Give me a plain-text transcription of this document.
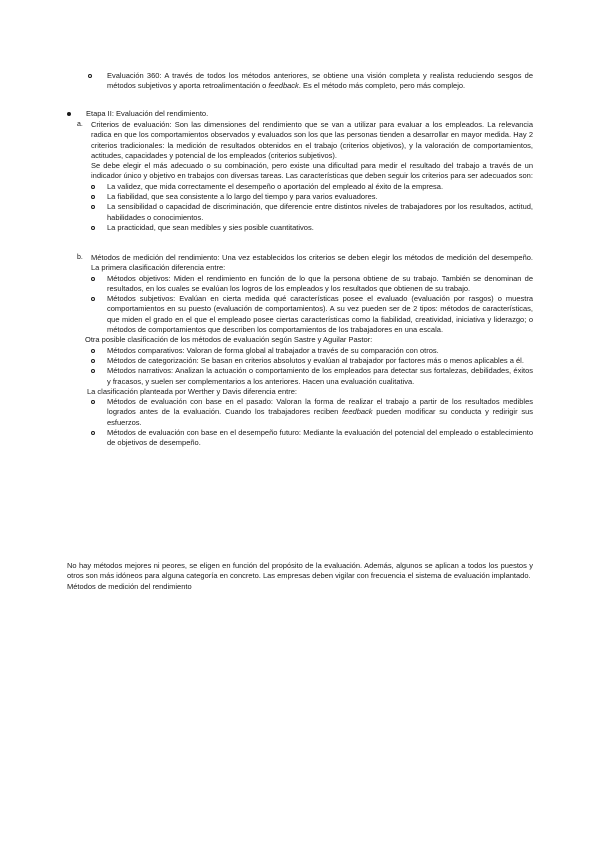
Evaluación 360: A través de todos los métodos anteriores, se obtiene una visión completa y realista reduciendo sesgos de métodos subjetivos y aporta retroalimentación o feedback. Es el método más completo, pero más complejo.

Etapa II: Evaluación del rendimiento.

a. Criterios de evaluación: Son las dimensiones del rendimiento que se van a utilizar para evaluar a los empleados. La relevancia radica en que los comportamientos observados y evaluados son los que las personas tienden a desarrollar en mayor medida. Hay 2 criterios tradicionales: la medición de resultados obtenidos en el trabajo (criterios objetivos), y la valoración de comportamientos, actitudes, capacidades y potencial de los empleados (criterios subjetivos).

Se debe elegir el más adecuado o su combinación, pero existe una dificultad para medir el resultado del trabajo a través de un indicador único y objetivo en trabajos con diversas tareas. Las características que deben seguir los criterios para ser adecuados son:

La validez, que mida correctamente el desempeño o aportación del empleado al éxito de la empresa.

La fiabilidad, que sea consistente a lo largo del tiempo y para varios evaluadores.

La sensibilidad o capacidad de discriminación, que diferencie entre distintos niveles de trabajadores por los resultados, actitud, habilidades o conocimientos.

La practicidad, que sean medibles y sies posible cuantitativos.

b. Métodos de medición del rendimiento: Una vez establecidos los criterios se deben elegir los métodos de medición del desempeño. La primera clasificación diferencia entre:

Métodos objetivos: Miden el rendimiento en función de lo que la persona obtiene de su trabajo. También se denominan de resultados, en los cuales se evalúan los logros de los empleados y los resultados que obtienen de su trabajo.

Métodos subjetivos: Evalúan en cierta medida qué características posee el evaluado (evaluación por rasgos) o muestra comportamientos en su puesto (evaluación de comportamientos). A su vez pueden ser de 2 tipos: métodos de características, que miden el grado en el que el empleado posee ciertas características como la fiabilidad, creatividad, iniciativa y liderazgo; o métodos de comportamientos que describen los comportamientos de los trabajadores en una escala.

Otra posible clasificación de los métodos de evaluación según Sastre y Aguilar Pastor:

Métodos comparativos: Valoran de forma global al trabajador a través de su comparación con otros.

Métodos de categorización: Se basan en criterios absolutos y evalúan al trabajador por factores más o menos aplicables a él.

Métodos narrativos: Analizan la actuación o comportamiento de los empleados para detectar sus fortalezas, debilidades, éxitos y fracasos, y suelen ser complementarios a los anteriores. Hacen una evaluación cualitativa.

La clasificación planteada por Werther y Davis diferencia entre:

Métodos de evaluación con base en el pasado: Valoran la forma de realizar el trabajo a partir de los resultados medibles logrados antes de la evaluación. Cuando los trabajadores reciben feedback pueden modificar su conducta y redirigir sus esfuerzos.

Métodos de evaluación con base en el desempeño futuro: Mediante la evaluación del potencial del empleado o establecimiento de objetivos de desempeño.

No hay métodos mejores ni peores, se eligen en función del propósito de la evaluación. Además, algunos se aplican a todos los puestos y otros son más idóneos para alguna categoría en concreto. Las empresas deben vigilar con frecuencia el sistema de evaluación implantado.

Métodos de medición del rendimiento
